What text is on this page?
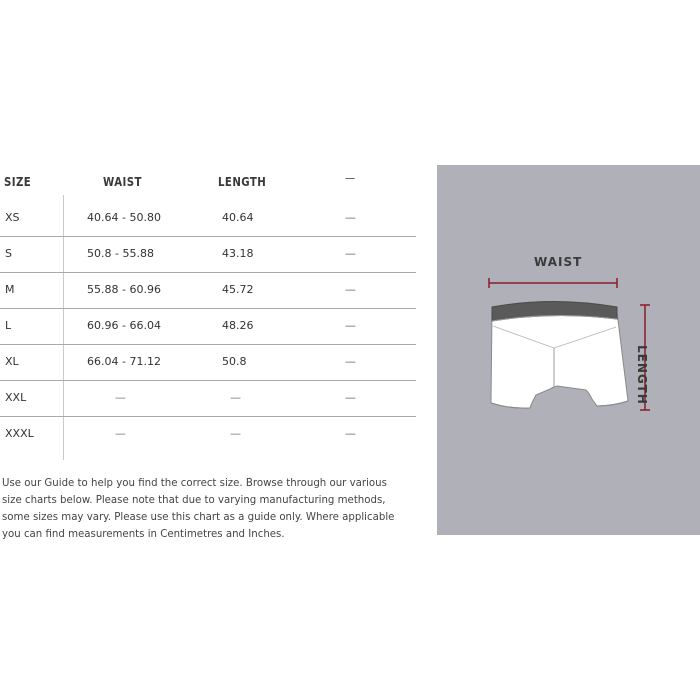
SIZE	WAIST	LENGTH	—
XS	40.64 - 50.80	40.64	—
S	50.8 - 55.88	43.18	—
M	55.88 - 60.96	45.72	—
L	60.96 - 66.04	48.26	—
XL	66.04 - 71.12	50.8	—
XXL	—	—	—
XXXL	—	—	—
Use our Guide to help you find the correct size. Browse through our various
size charts below. Please note that due to varying manufacturing methods,
some sizes may vary. Please use this chart as a guide only. Where applicable
you can find measurements in Centimetres and Inches.
WAIST
LENGTH
